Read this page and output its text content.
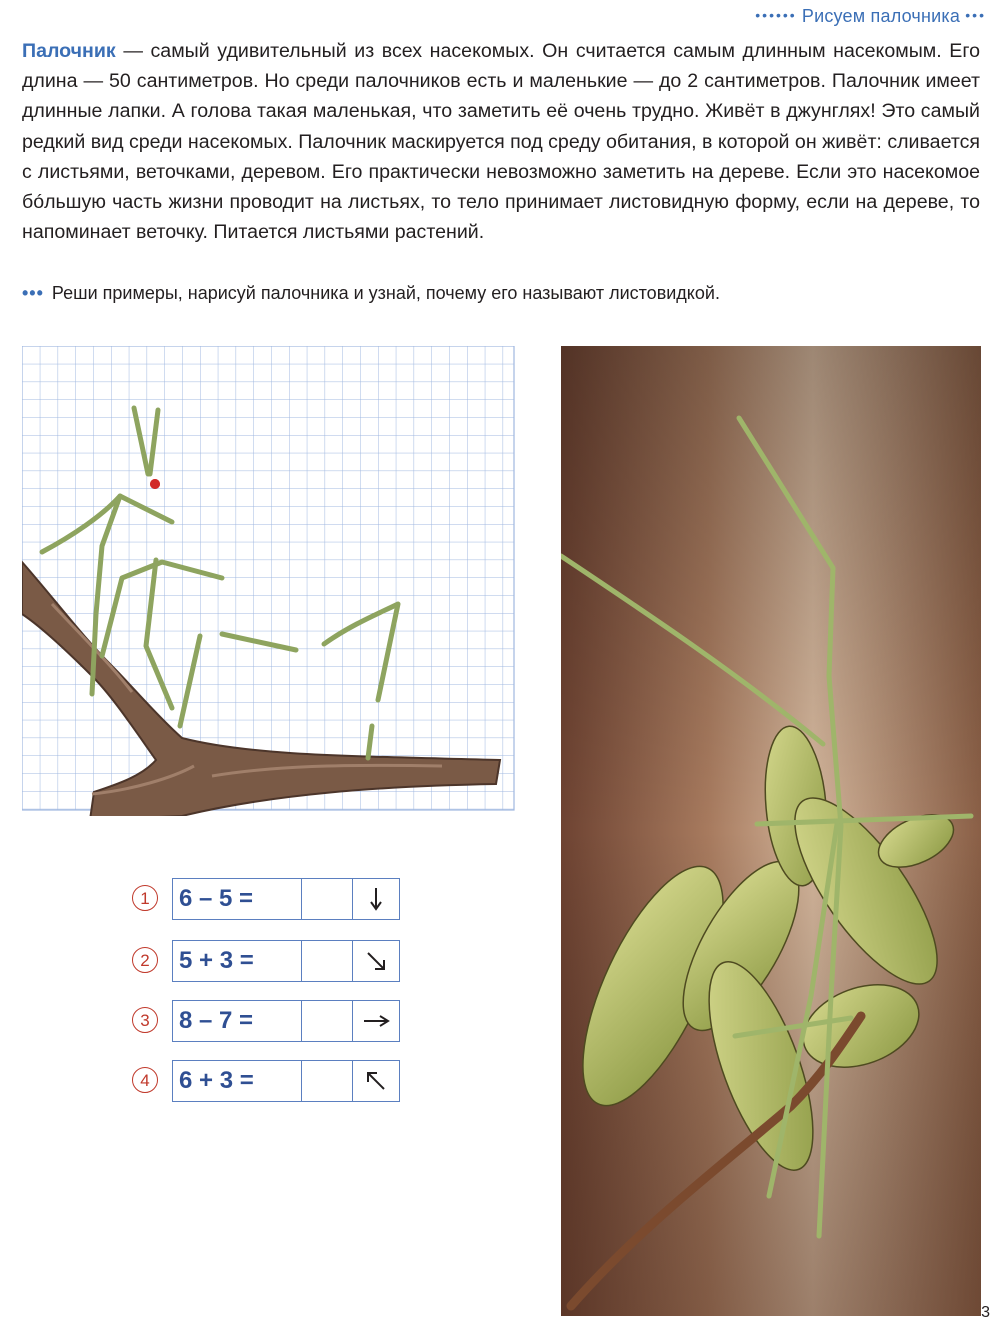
•••••• Рисуем палочника •••
Палочник — самый удивительный из всех насекомых. Он считается самым длинным насекомым. Его длина — 50 сантиметров. Но среди палочников есть и маленькие — до 2 сантиметров. Палочник имеет длинные лапки. А голова такая маленькая, что заметить её очень трудно. Живёт в джунглях! Это самый редкий вид среди насекомых. Палочник маскируется под среду обитания, в которой он живёт: сливается с листьями, веточками, деревом. Его практически невозможно заметить на дереве. Если это насекомое бóльшую часть жизни проводит на листьях, то тело принимает листовидную форму, если на дереве, то напоминает веточку. Питается листьями растений.
••• Реши примеры, нарисуй палочника и узнай, почему его называют листовидкой.
1	6 – 5 =
2	5 + 3 =
3	8 – 7 =
4	6 + 3 =
3
